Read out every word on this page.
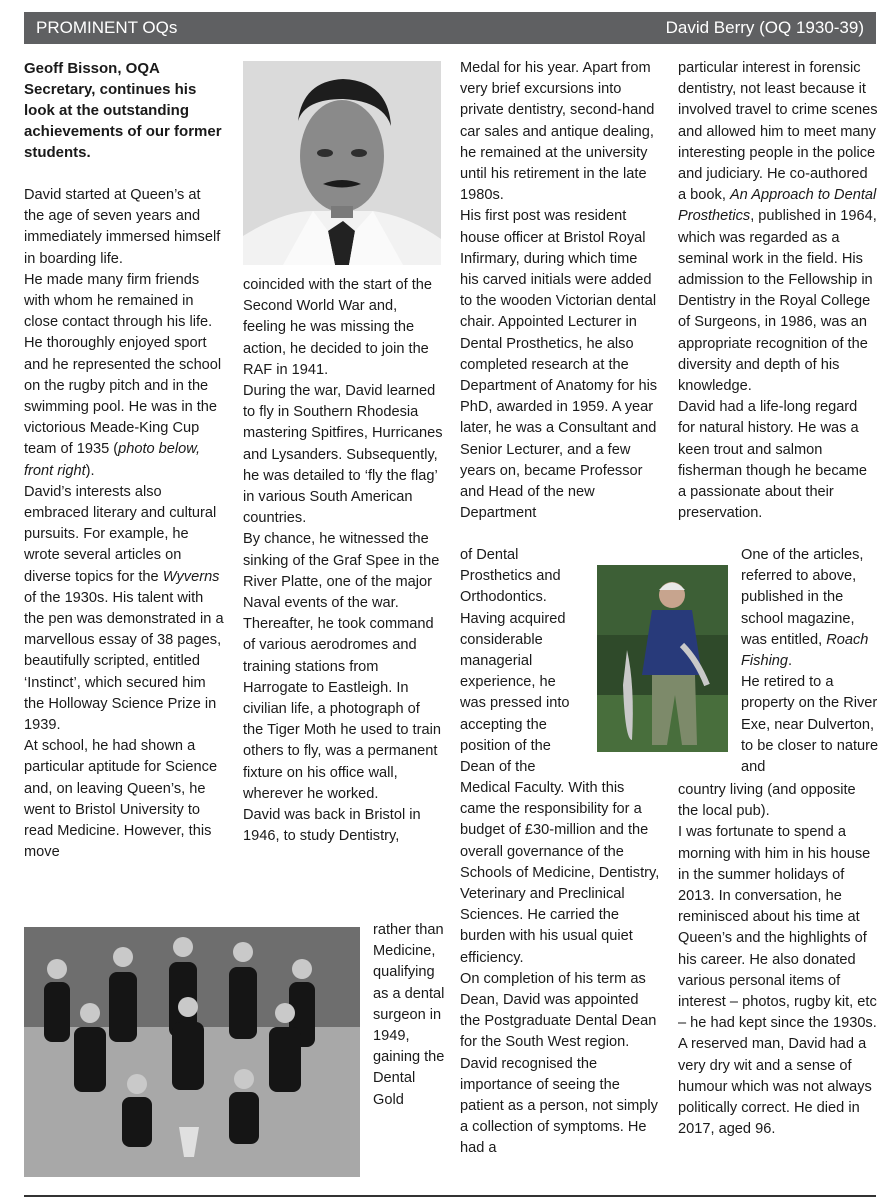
PROMINENT OQs	David Berry (OQ 1930-39)

Geoff Bisson, OQA Secretary, continues his look at the outstanding achievements of our former students.

David started at Queen’s at the age of seven years and immediately immersed himself in boarding life.

He made many firm friends with whom he remained in close contact through his life. He thoroughly enjoyed sport and he represented the school on the rugby pitch and in the swimming pool. He was in the victorious Meade-King Cup team of 1935 (photo below, front right).

David’s interests also embraced literary and cultural pursuits. For example, he wrote several articles on diverse topics for the Wyverns of the 1930s. His talent with the pen was demonstrated in a marvellous essay of 38 pages, beautifully scripted, entitled ‘Instinct’, which secured him the Holloway Science Prize in 1939.

At school, he had shown a particular aptitude for Science and, on leaving Queen’s, he went to Bristol University to read Medicine. However, this move

coincided with the start of the Second World War and, feeling he was missing the action, he decided to join the RAF in 1941.

During the war, David learned to fly in Southern Rhodesia mastering Spitfires, Hurricanes and Lysanders. Subsequently, he was detailed to ‘fly the flag’ in various South American countries.

By chance, he witnessed the sinking of the Graf Spee in the River Platte, one of the major Naval events of the war.

Thereafter, he took command of various aerodromes and training stations from Harrogate to Eastleigh. In civilian life, a photograph of the Tiger Moth he used to train others to fly, was a permanent fixture on his office wall, wherever he worked.

David was back in Bristol in 1946, to study Dentistry,

rather than Medicine, qualifying as a dental surgeon in 1949, gaining the Dental Gold

Medal for his year. Apart from very brief excursions into private dentistry, second-hand car sales and antique dealing, he remained at the university until his retirement in the late 1980s.

His first post was resident house officer at Bristol Royal Infirmary, during which time his carved initials were added to the wooden Victorian dental chair. Appointed Lecturer in Dental Prosthetics, he also completed research at the Department of Anatomy for his PhD, awarded in 1959. A year later, he was a Consultant and Senior Lecturer, and a few years on, became Professor and Head of the new Department

of Dental Prosthetics and Orthodontics. Having acquired considerable managerial experience, he was pressed into accepting the position of the Dean of the

Medical Faculty. With this came the responsibility for a budget of £30-million and the overall governance of the Schools of Medicine, Dentistry, Veterinary and Preclinical Sciences. He carried the burden with his usual quiet efficiency.

On completion of his term as Dean, David was appointed the Postgraduate Dental Dean for the South West region.

David recognised the importance of seeing the patient as a person, not simply a collection of symptoms. He had a

particular interest in forensic dentistry, not least because it involved travel to crime scenes and allowed him to meet many interesting people in the police and judiciary. He co-authored a book, An Approach to Dental Prosthetics, published in 1964, which was regarded as a seminal work in the field. His admission to the Fellowship in Dentistry in the Royal College of Surgeons, in 1986, was an appropriate recognition of the diversity and depth of his knowledge.

David had a life-long regard for natural history. He was a keen trout and salmon fisherman though he became a passionate about their preservation.

One of the articles, referred to above, published in the school magazine, was entitled, Roach Fishing.

He retired to a property on the River Exe, near Dulverton, to be closer to nature and

country living (and opposite the local pub).

I was fortunate to spend a morning with him in his house in the summer holidays of 2013. In conversation, he reminisced about his time at Queen’s and the highlights of his career. He also donated various personal items of interest – photos, rugby kit, etc – he had kept since the 1930s.

A reserved man, David had a very dry wit and a sense of humour which was not always politically correct. He died in 2017, aged 96.
